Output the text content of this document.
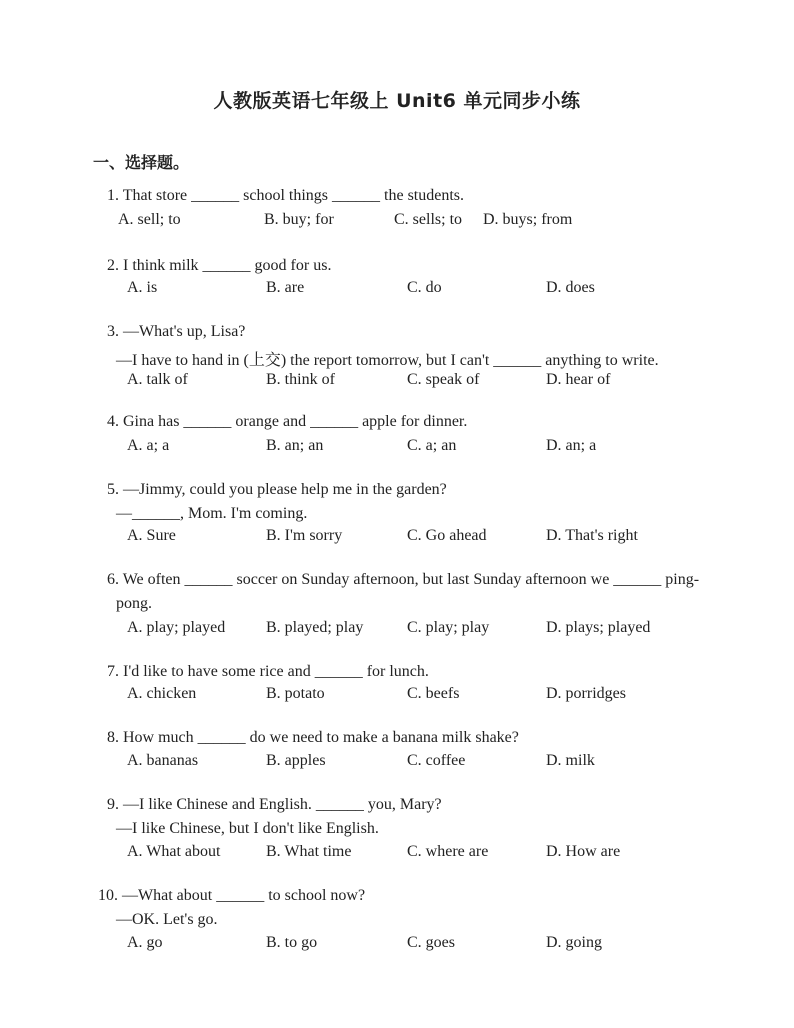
人教版英语七年级上 Unit6 单元同步小练
一、选择题。
1. That store ______ school things ______ the students.
A. sell; to	B. buy; for	C. sells; to D. buys; from
2. I think milk ______ good for us.
A. is	B. are	C. do	D. does
3. —What's up, Lisa?
—I have to hand in (上交) the report tomorrow, but I can't ______ anything to write.
A. talk of	B. think of	C. speak of	D. hear of
4. Gina has ______ orange and ______ apple for dinner.
A. a; a	B. an; an	C. a; an	D. an; a
5. —Jimmy, could you please help me in the garden?
—______, Mom. I'm coming.
A. Sure	B. I'm sorry	C. Go ahead	D. That's right
6. We often ______ soccer on Sunday afternoon, but last Sunday afternoon we ______ ping-
pong.
A. play; played	B. played; play	C. play; play	D. plays; played
7. I'd like to have some rice and ______ for lunch.
A. chicken	B. potato	C. beefs	D. porridges
8. How much ______ do we need to make a banana milk shake?
A. bananas	B. apples	C. coffee	D. milk
9. —I like Chinese and English. ______ you, Mary?
—I like Chinese, but I don't like English.
A. What about	B. What time	C. where are	D. How are
10. —What about ______ to school now?
—OK. Let's go.
A. go	B. to go	C. goes	D. going
